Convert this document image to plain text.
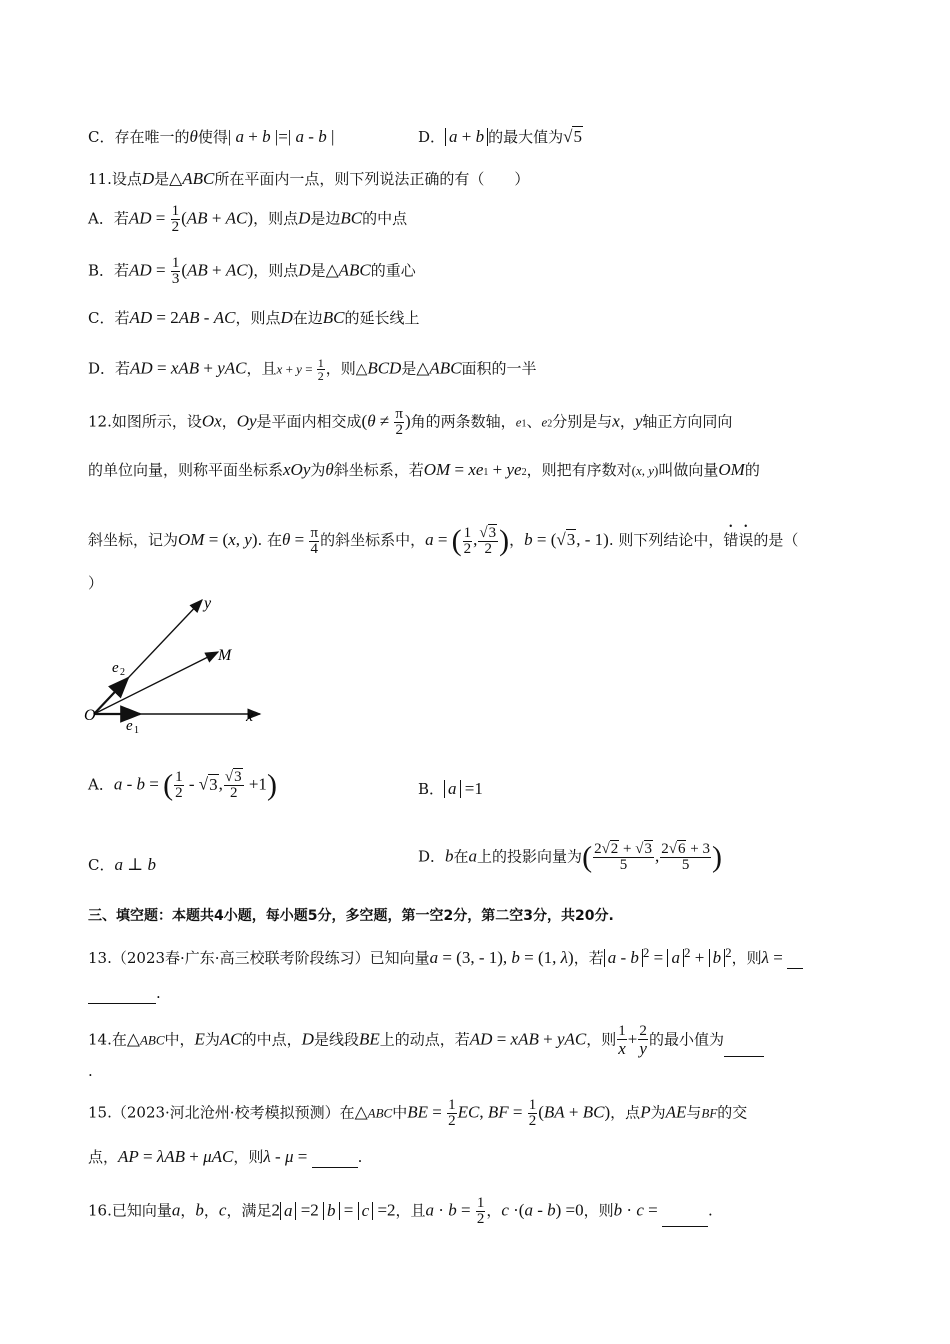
C．存在唯一的θ使得| a + b |=| a - b |	D． a + b 的最大值为√5
11.设点D是△ABC所在平面内一点，则下列说法正确的有（　　）
A．若AD = $\frac{1}{2} (AB + AC)$，则点D是边BC的中点
B．若AD = $\frac{1}{3} (AB + AC)$，则点D是△ABC的重心
C．若AD = 2AB - AC，则点D在边BC的延长线上
D．若AD = xAB + yAC，且$x + y = \frac{1}{2}$ ，则△BCD是△ABC面积的一半
12.如图所示，设Ox，Oy是平面内相交成($\theta \ne \frac{\pi}{2}$ )角的两条数轴，e1、e2分别是与x，y轴正方向同向
的单位向量，则称平面坐标系xOy为θ斜坐标系，若OM = xe1 + ye2，则把有序数对(x, y)叫做向量OM的
斜坐标，记为OM = (x, y). 在$\theta = \frac{\pi}{4}$ 的斜坐标系中，a = ( $\frac{1}{2}$ , $\frac{√3}{2}$ )，b = (√3, - 1). 则下列结论中，错误的是（
）
y
M
O	x
e 2
e 1
A．a - b = ( $\frac{1}{2} - √3$, $\frac{√3}{2} +1$)	B． a =1
C．a ⊥ b	D．b在a上的投影向量为( $\frac{2√2 + √3}{5}$ , $\frac{2√6 + 3}{5}$ )
三、填空题：本题共4小题，每小题5分，多空题，第一空2分，第二空3分，共20分.
13.（2023春·广东·高三校联考阶段练习）已知向量a = (3, - 1), b = (1, λ)，若 a - b 2 = a 2 + b 2，则λ =
.
14.在△ABC中，E为AC的中点，D是线段BE上的动点，若AD = xAB + yAC，则 $\frac{1}{x} + \frac{2}{y}$ 的最小值为
.
15.（2023·河北沧州·校考模拟预测）在△ABC中BE = $\frac{1}{2}$ EC, BF = $\frac{1}{2} (BA + BC)$，点P为AE与BF的交
点，AP = λAB + μAC，则λ - μ =	.
16.已知向量a，b，c，满足2 a =2 b = c =2，且$a \cdot b = \frac{1}{2}$ ，c ·(a - b) =0，则b · c =	.
